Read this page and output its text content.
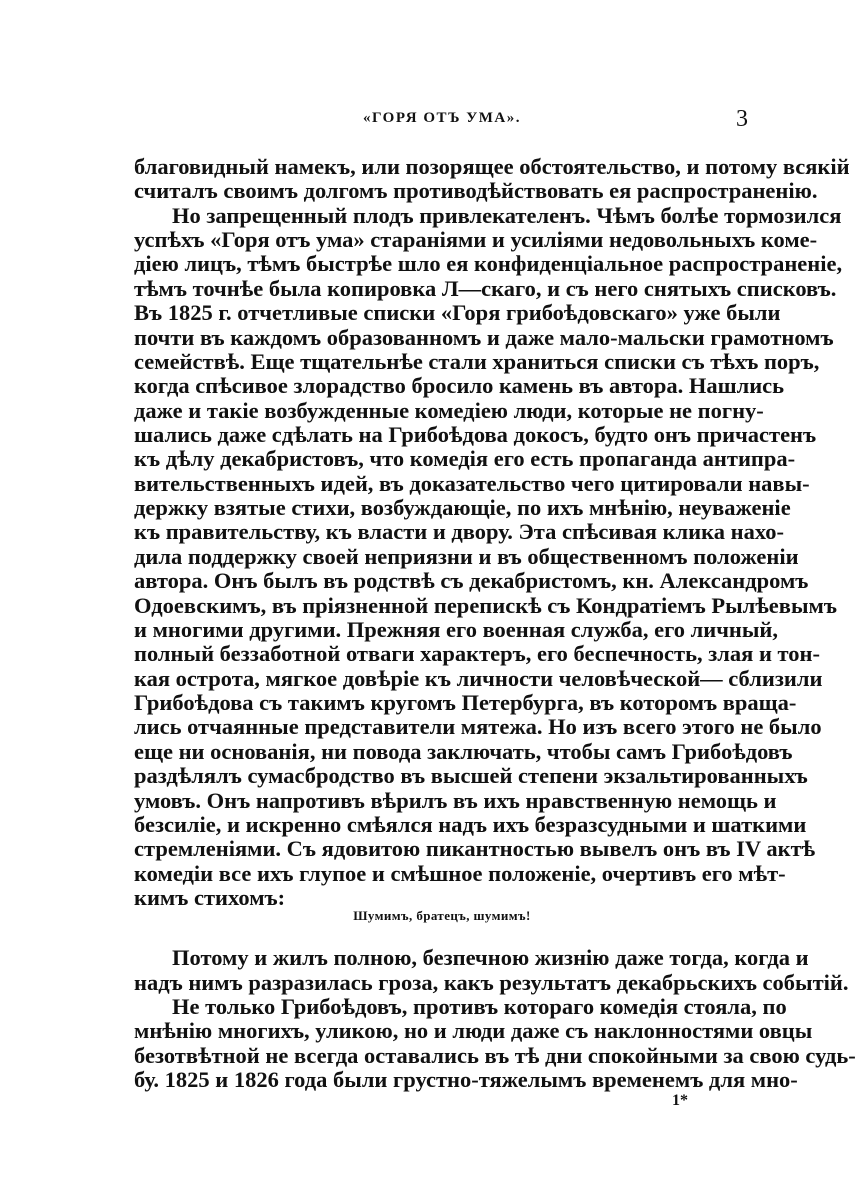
«ГОРЯ ОТЪ УМА».	3
благовидный намекъ, или позорящее обстоятельство, и потому всякій
считалъ своимъ долгомъ противодѣйствовать ея распространенію.
Но запрещенный плодъ привлекателенъ. Чѣмъ болѣе тормозился
успѣхъ «Горя отъ ума» стараніями и усиліями недовольныхъ коме-
діею лицъ, тѣмъ быстрѣе шло ея конфиденціальное распространеніе,
тѣмъ точнѣе была копировка Л—скаго, и съ него снятыхъ списковъ.
Въ 1825 г. отчетливые списки «Горя грибоѣдовскаго» уже были
почти въ каждомъ образованномъ и даже мало-мальски грамотномъ
семействѣ. Еще тщательнѣе стали храниться списки съ тѣхъ поръ,
когда спѣсивое злорадство бросило камень въ автора. Нашлись
даже и такіе возбужденные комедіею люди, которые не погну-
шались даже сдѣлать на Грибоѣдова докосъ, будто онъ причастенъ
къ дѣлу декабристовъ, что комедія его есть пропаганда антипра-
вительственныхъ идей, въ доказательство чего цитировали навы-
держку взятые стихи, возбуждающіе, по ихъ мнѣнію, неуваженіе
къ правительству, къ власти и двору. Эта спѣсивая клика нахо-
дила поддержку своей неприязни и въ общественномъ положеніи
автора. Онъ былъ въ родствѣ съ декабристомъ, кн. Александромъ
Одоевскимъ, въ пріязненной перепискѣ съ Кондратіемъ Рылѣевымъ
и многими другими. Прежняя его военная служба, его личный,
полный беззаботной отваги характеръ, его беспечность, злая и тон-
кая острота, мягкое довѣріе къ личности человѣческой— сблизили
Грибоѣдова съ такимъ кругомъ Петербурга, въ которомъ враща-
лись отчаянные представители мятежа. Но изъ всего этого не было
еще ни основанія, ни повода заключать, чтобы самъ Грибоѣдовъ
раздѣлялъ сумасбродство въ высшей степени экзальтированныхъ
умовъ. Онъ напротивъ вѣрилъ въ ихъ нравственную немощь и
безсиліе, и искренно смѣялся надъ ихъ безразсудными и шаткими
стремленіями. Съ ядовитою пикантностью вывелъ онъ въ IV актѣ
комедіи все ихъ глупое и смѣшное положеніе, очертивъ его мѣт-
кимъ стихомъ:
Шумимъ, братецъ, шумимъ!
Потому и жилъ полною, безпечною жизнію даже тогда, когда и
надъ нимъ разразилась гроза, какъ результатъ декабрьскихъ событій.
Не только Грибоѣдовъ, противъ котораго комедія стояла, по
мнѣнію многихъ, уликою, но и люди даже съ наклонностями овцы
безотвѣтной не всегда оставались въ тѣ дни спокойными за свою судь-
бу. 1825 и 1826 года были грустно-тяжелымъ временемъ для мно-
1*
